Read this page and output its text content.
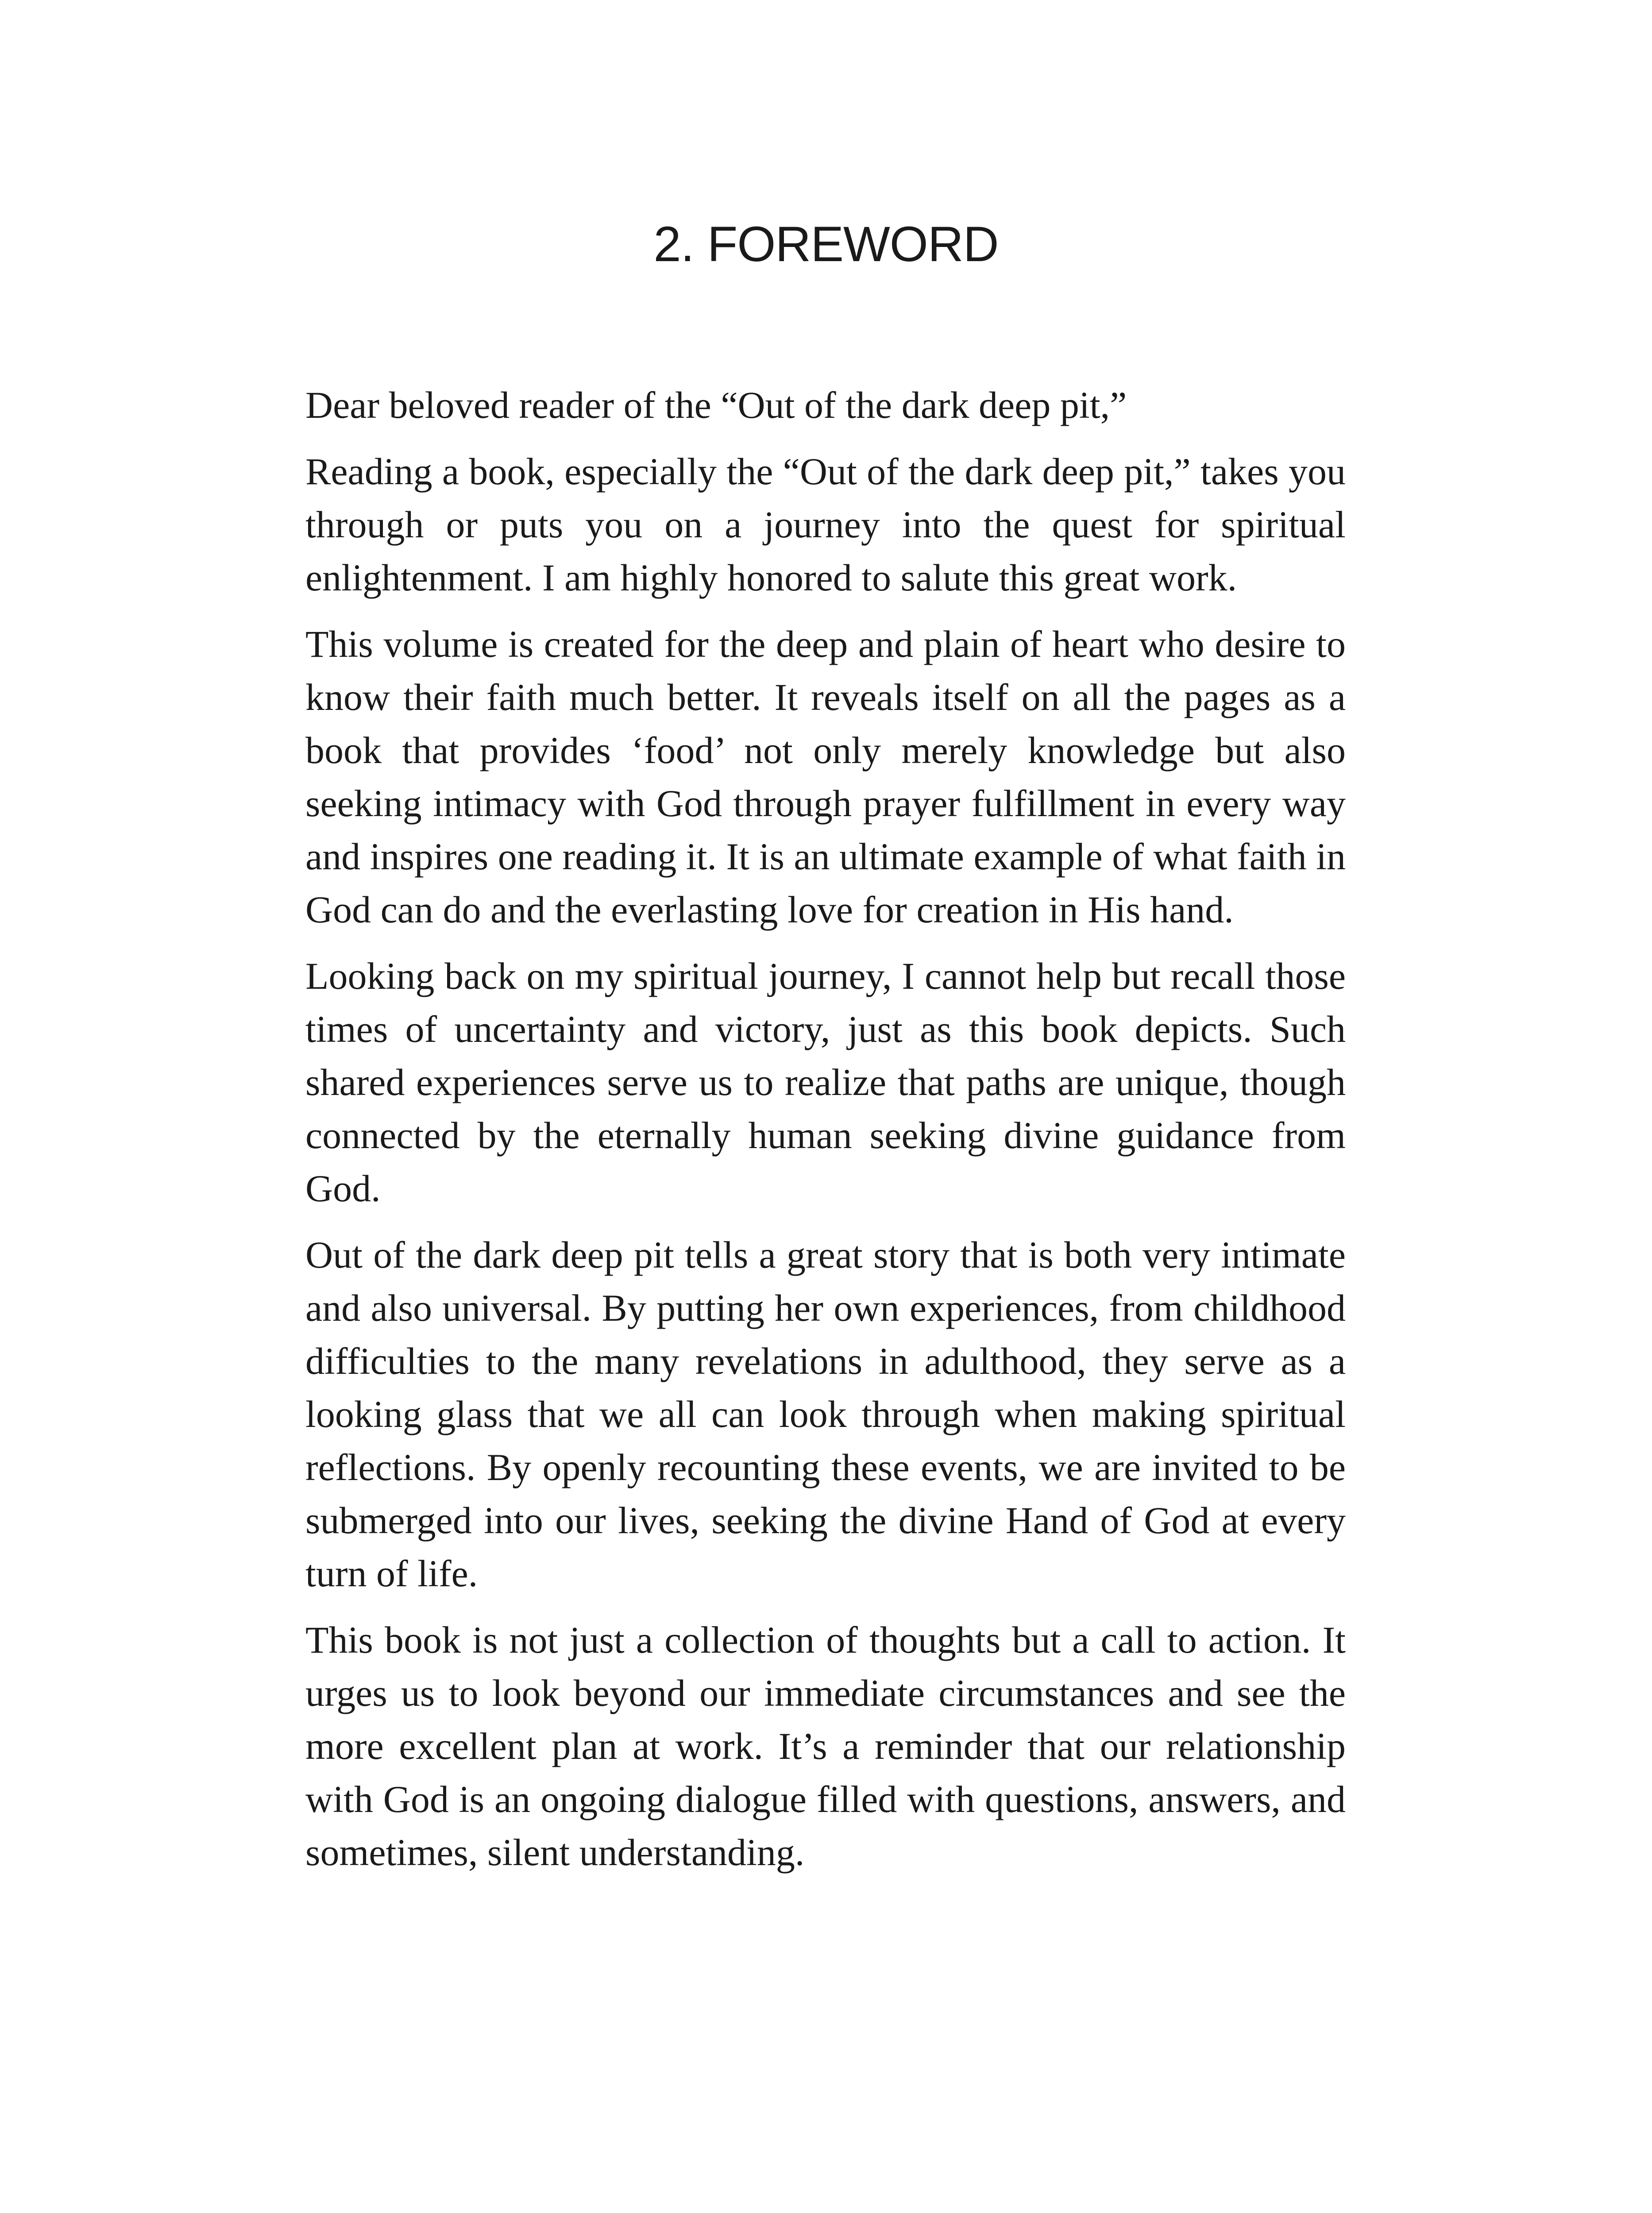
2. FOREWORD

Dear beloved reader of the “Out of the dark deep pit,”

Reading a book, especially the “Out of the dark deep pit,” takes you through or puts you on a journey into the quest for spiritual enlightenment. I am highly honored to salute this great work.

This volume is created for the deep and plain of heart who desire to know their faith much better. It reveals itself on all the pages as a book that provides ‘food’ not only merely knowledge but also seeking intimacy with God through prayer fulfillment in every way and inspires one reading it. It is an ultimate example of what faith in God can do and the everlasting love for creation in His hand.

Looking back on my spiritual journey, I cannot help but recall those times of uncertainty and victory, just as this book depicts. Such shared experiences serve us to realize that paths are unique, though connected by the eternally human seeking divine guidance from God.

Out of the dark deep pit tells a great story that is both very intimate and also universal. By putting her own experiences, from childhood difficulties to the many revelations in adulthood, they serve as a looking glass that we all can look through when making spiritual reflections. By openly recounting these events, we are invited to be submerged into our lives, seeking the divine Hand of God at every turn of life.

This book is not just a collection of thoughts but a call to action. It urges us to look beyond our immediate circumstances and see the more excellent plan at work. It’s a reminder that our relationship with God is an ongoing dialogue filled with questions, answers, and sometimes, silent understanding.
